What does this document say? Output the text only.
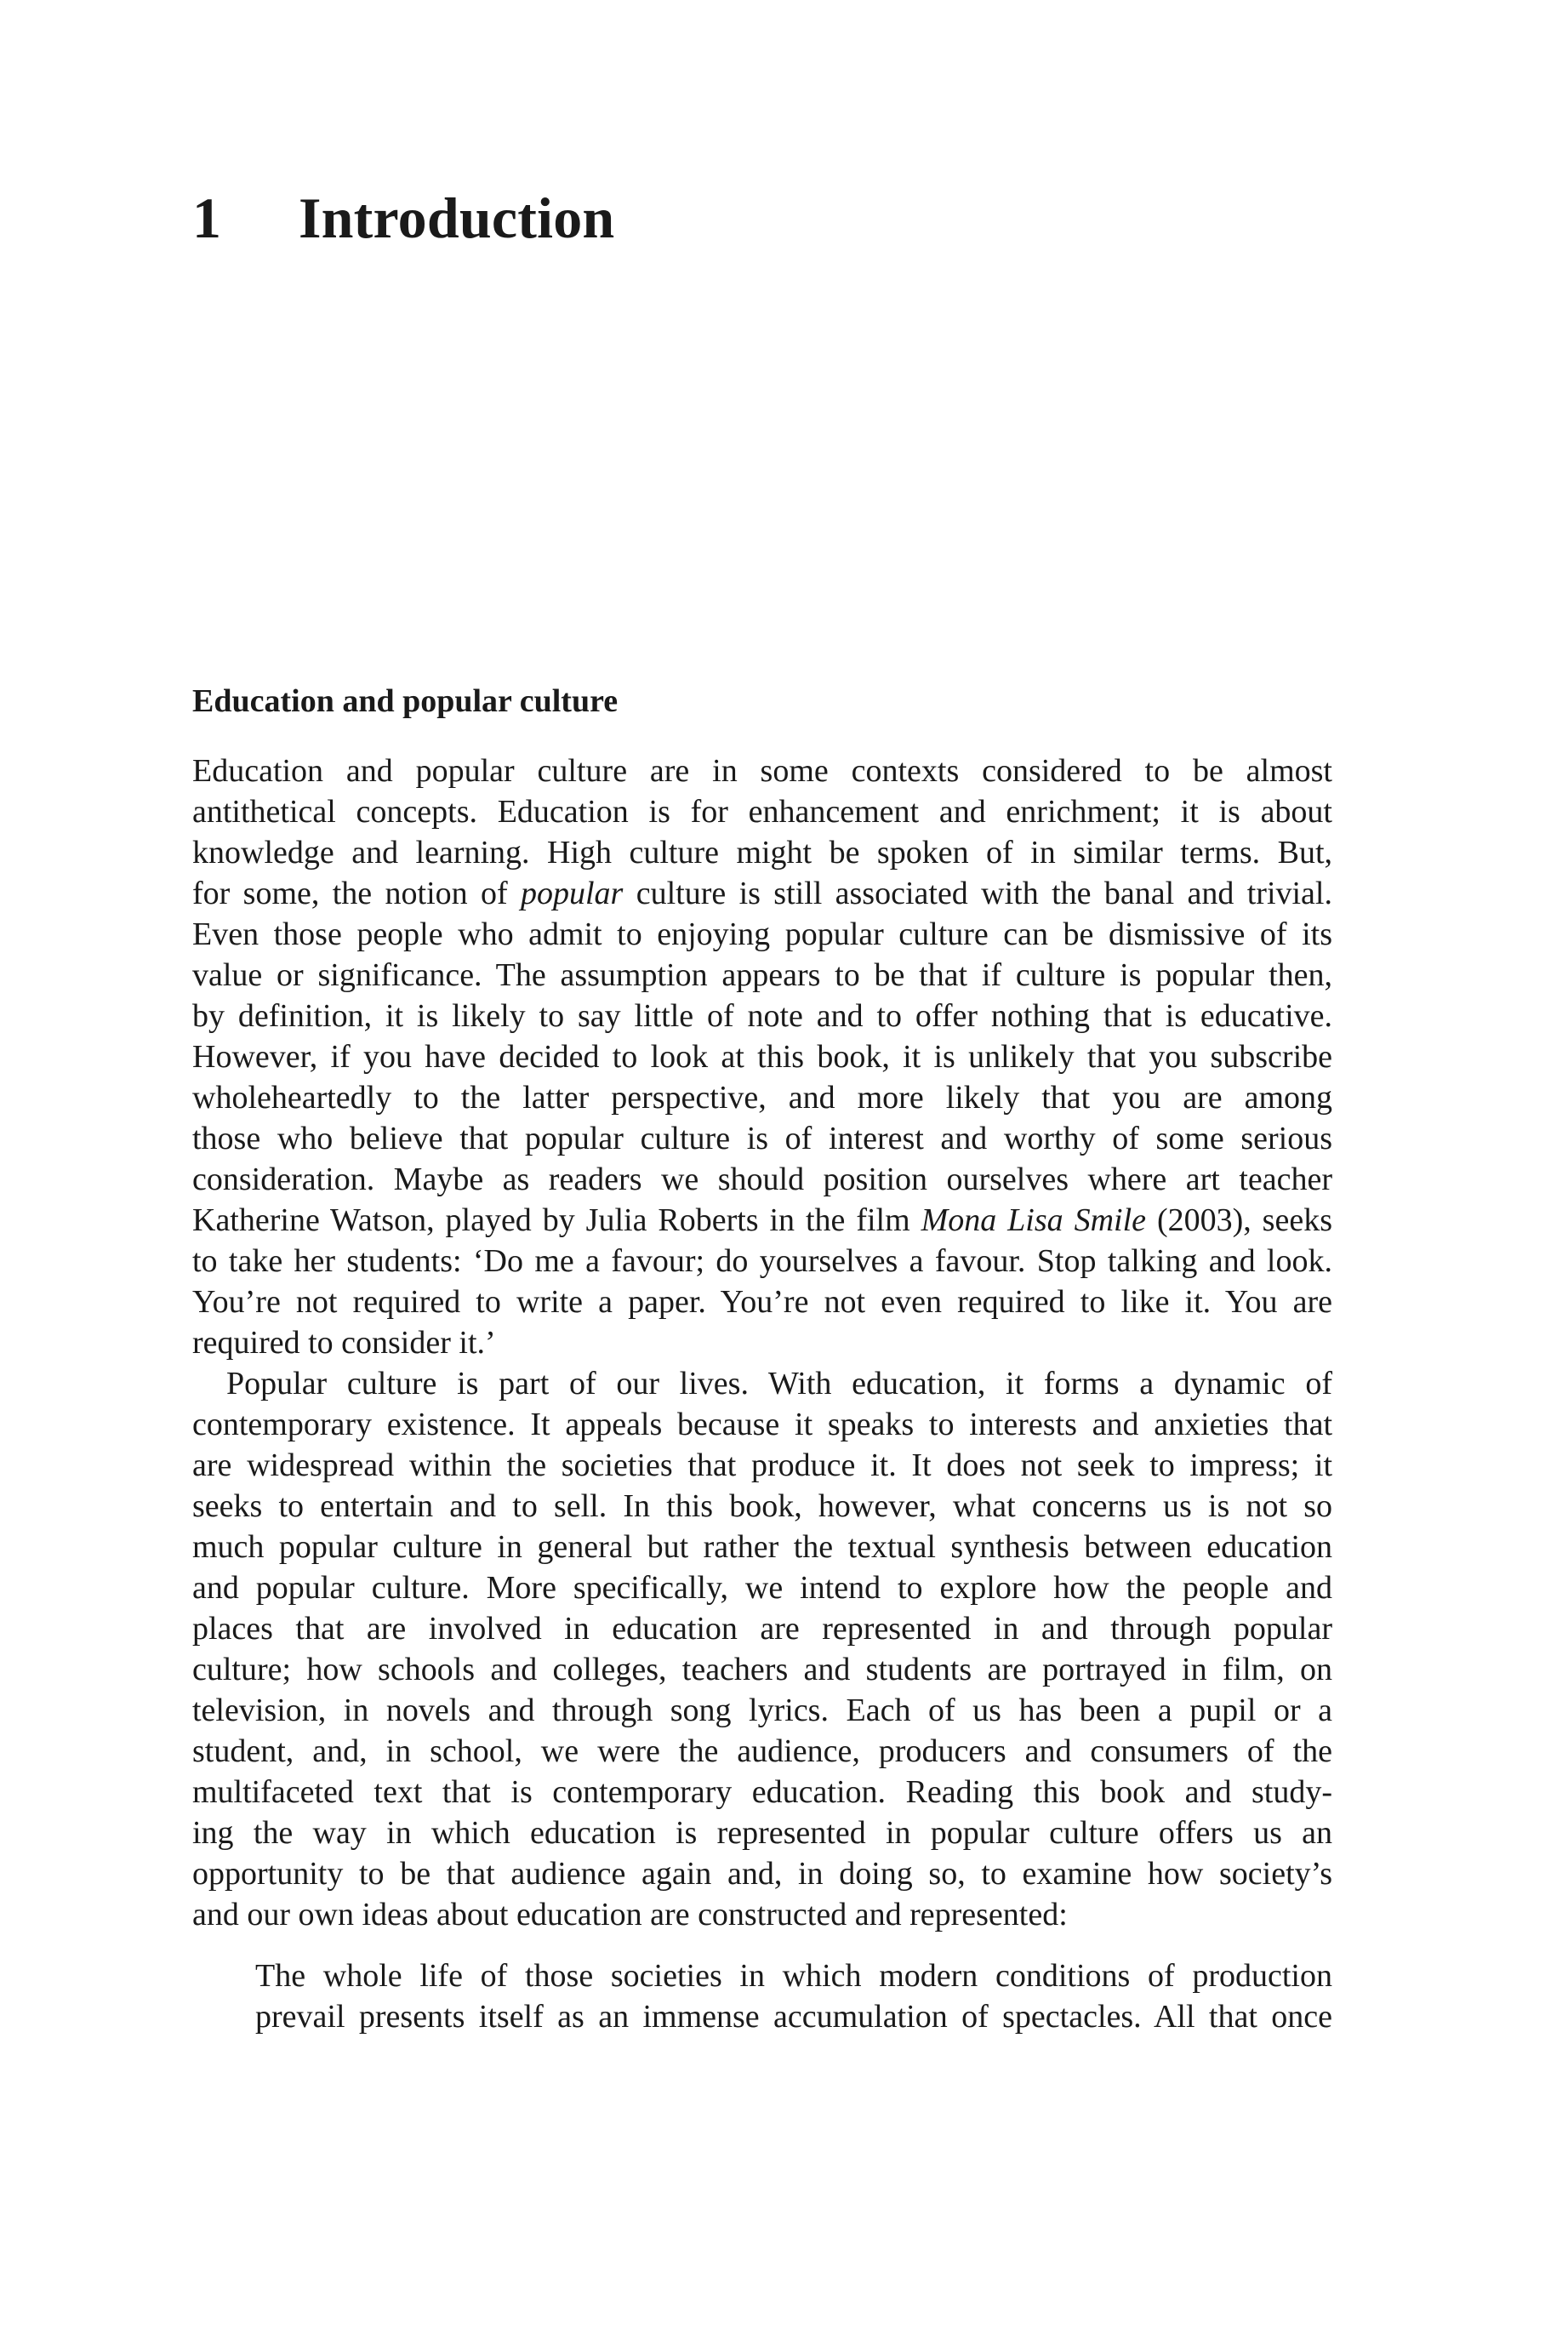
1 Introduction
Education and popular culture
Education and popular culture are in some contexts considered to be almost
antithetical concepts. Education is for enhancement and enrichment; it is about
knowledge and learning. High culture might be spoken of in similar terms. But,
for some, the notion of popular culture is still associated with the banal and trivial.
Even those people who admit to enjoying popular culture can be dismissive of its
value or significance. The assumption appears to be that if culture is popular then,
by definition, it is likely to say little of note and to offer nothing that is educative.
However, if you have decided to look at this book, it is unlikely that you subscribe
wholeheartedly to the latter perspective, and more likely that you are among
those who believe that popular culture is of interest and worthy of some serious
consideration. Maybe as readers we should position ourselves where art teacher
Katherine Watson, played by Julia Roberts in the film Mona Lisa Smile (2003), seeks
to take her students: ‘Do me a favour; do yourselves a favour. Stop talking and look.
You’re not required to write a paper. You’re not even required to like it. You are
required to consider it.’
Popular culture is part of our lives. With education, it forms a dynamic of
contemporary existence. It appeals because it speaks to interests and anxieties that
are widespread within the societies that produce it. It does not seek to impress; it
seeks to entertain and to sell. In this book, however, what concerns us is not so
much popular culture in general but rather the textual synthesis between education
and popular culture. More specifically, we intend to explore how the people and
places that are involved in education are represented in and through popular
culture; how schools and colleges, teachers and students are portrayed in film, on
television, in novels and through song lyrics. Each of us has been a pupil or a
student, and, in school, we were the audience, producers and consumers of the
multifaceted text that is contemporary education. Reading this book and study-
ing the way in which education is represented in popular culture offers us an
opportunity to be that audience again and, in doing so, to examine how society’s
and our own ideas about education are constructed and represented:
The whole life of those societies in which modern conditions of production
prevail presents itself as an immense accumulation of spectacles. All that once
